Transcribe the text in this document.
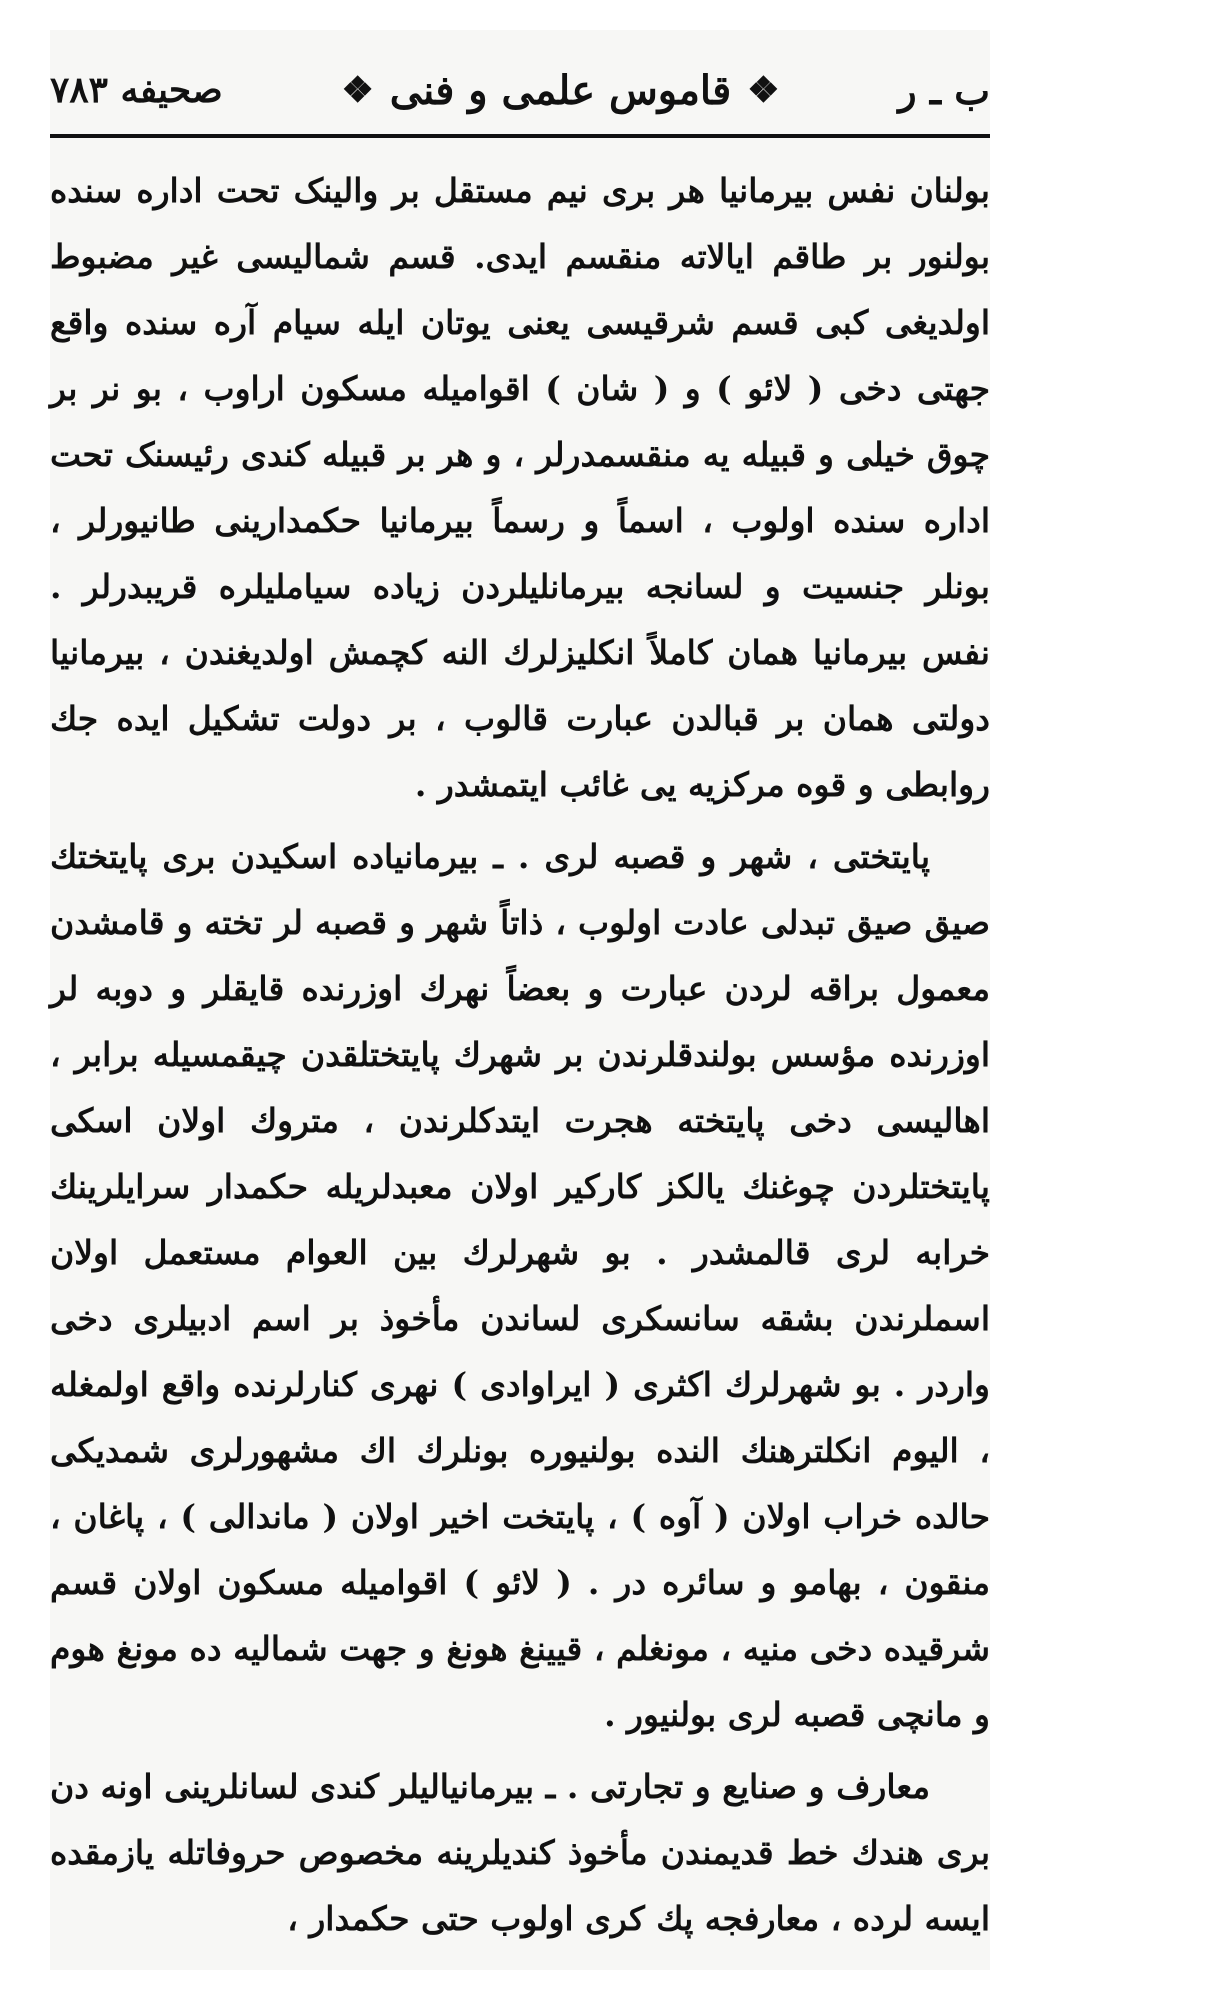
صحیفه ۷۸۳	❖ قاموس علمی و فنی ❖	ب ـ ر

بولنان نفس بیرمانیا هر بری نیم مستقل بر والینک تحت اداره سنده بولنور بر طاقم ایالاته منقسم ایدی. قسم شمالیسی غیر مضبوط اولدیغی کبی قسم شرقیسی یعنی یوتان ایله سیام آره سنده واقع جهتی دخی ( لائو ) و ( شان ) اقوامیله مسکون اراوب ، بو نر بر چوق خیلی و قبیله یه منقسمدرلر ، و هر بر قبیله کندی رئیسنک تحت اداره سنده اولوب ، اسماً و رسماً بیرمانیا حکمدارینی طانیورلر ، بونلر جنسیت و لسانجه بیرمانلیلردن زیاده سیاملیلره قریبدرلر . نفس بیرمانیا همان کاملاً انکلیزلرك النه کچمش اولدیغندن ، بیرمانیا دولتی همان بر قبالدن عبارت قالوب ، بر دولت تشکیل ایده جك روابطی و قوه مرکزیه یی غائب ایتمشدر .

پایتختی ، شهر و قصبه لری . ـ بیرمانیاده اسکیدن بری پایتختك صیق صیق تبدلی عادت اولوب ، ذاتاً شهر و قصبه لر تخته و قامشدن معمول براقه لردن عبارت و بعضاً نهرك اوزرنده قایقلر و دوبه لر اوزرنده مؤسس بولندقلرندن بر شهرك پایتختلقدن چیقمسیله برابر ، اهالیسی دخی پایتخته هجرت ایتدکلرندن ، متروك اولان اسکی پایتختلردن چوغنك یالکز کارکیر اولان معبدلریله حکمدار سرایلرینك خرابه لری قالمشدر . بو شهرلرك بین العوام مستعمل اولان اسملرندن بشقه سانسکری لساندن مأخوذ بر اسم ادبیلری دخی واردر . بو شهرلرك اکثری ( ایراوادی ) نهری کنارلرنده واقع اولمغله ، الیوم انکلترهنك النده بولنیوره بونلرك اك مشهورلری شمدیکی حالده خراب اولان ( آوه ) ، پایتخت اخیر اولان ( ماندالی ) ، پاغان ، منقون ، بهامو و سائره در . ( لائو ) اقوامیله مسکون اولان قسم شرقیده دخی منیه ، مونغلم ، قیینغ هونغ و جهت شمالیه ده مونغ هوم و مانچی قصبه لری بولنیور .

معارف و صنایع و تجارتی . ـ بیرمانیالیلر کندی لسانلرینی اونه دن بری هندك خط قدیمندن مأخوذ کندیلرینه مخصوص حروفاتله یازمقده ایسه لرده ، معارفجه پك کری اولوب حتی حکمدار ،
